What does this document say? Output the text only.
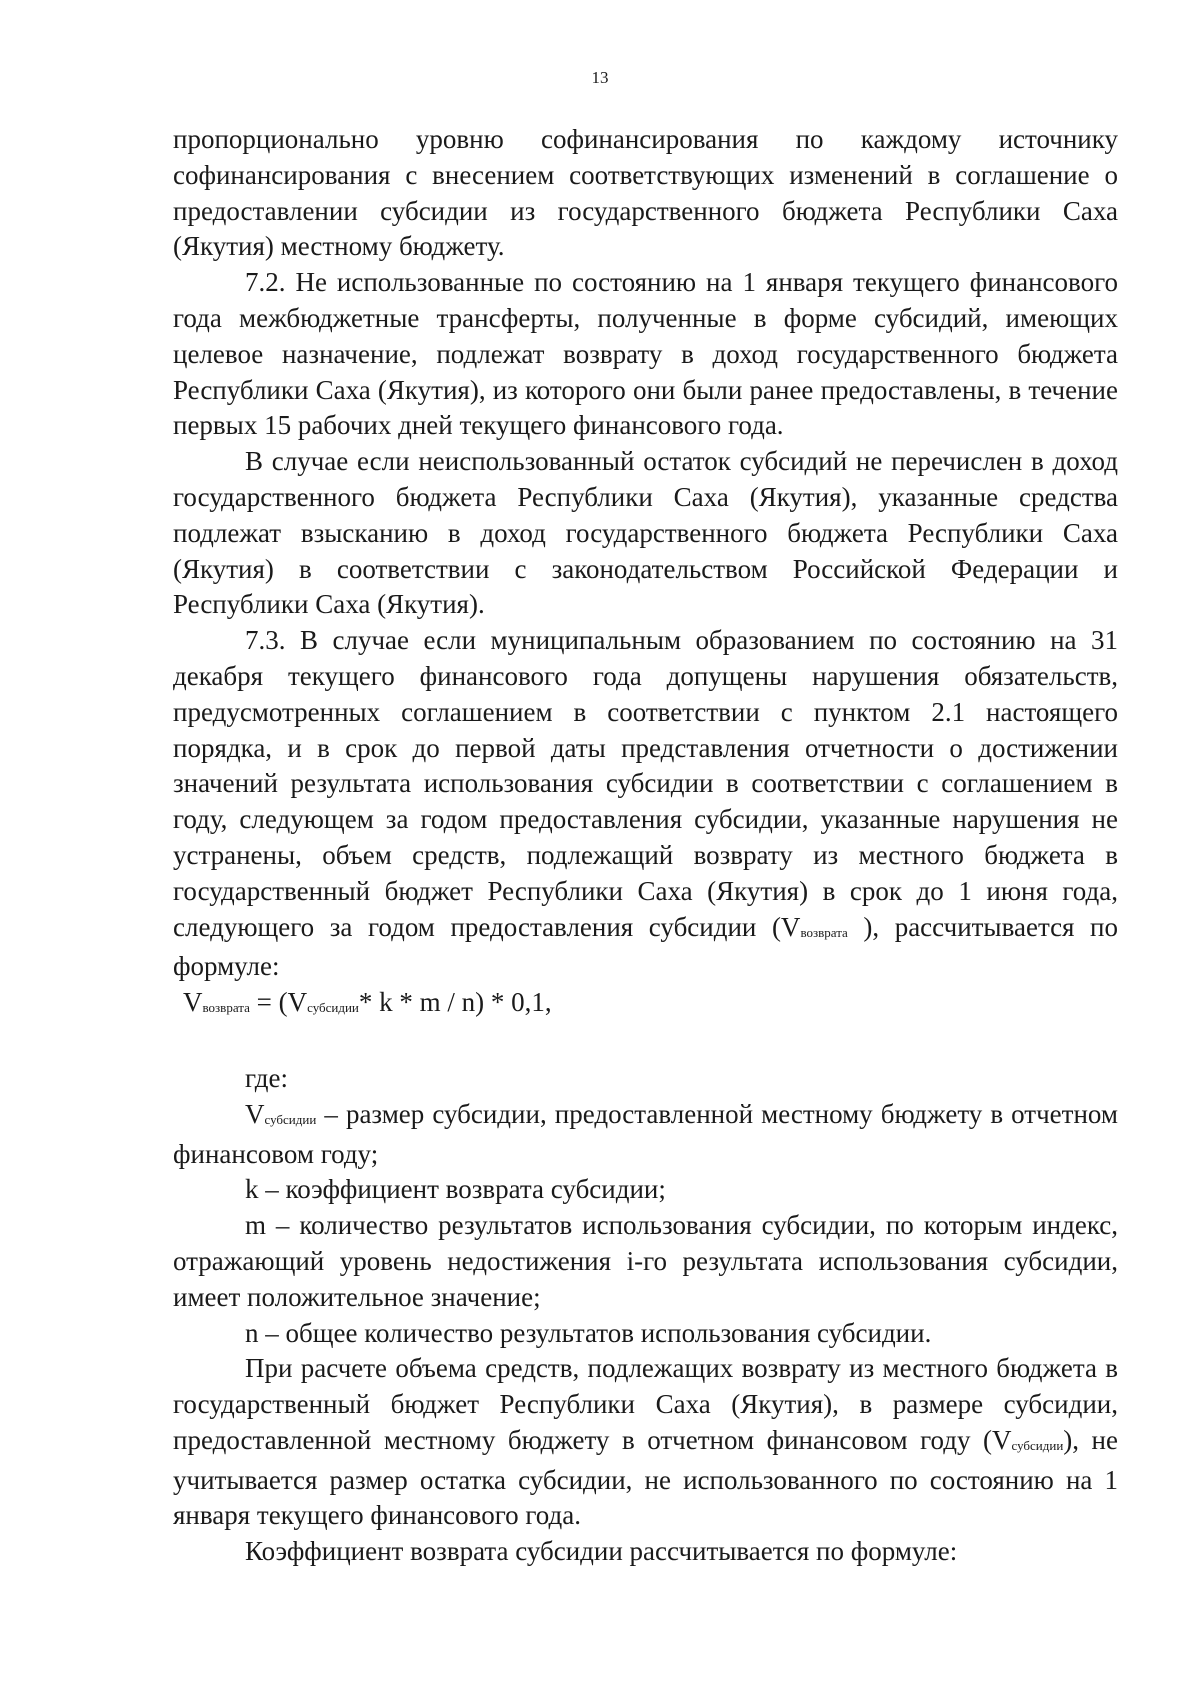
13

пропорционально уровню софинансирования по каждому источнику софинансирования с внесением соответствующих изменений в соглашение о предоставлении субсидии из государственного бюджета Республики Саха (Якутия) местному бюджету.

7.2. Не использованные по состоянию на 1 января текущего финансового года межбюджетные трансферты, полученные в форме субсидий, имеющих целевое назначение, подлежат возврату в доход государственного бюджета Республики Саха (Якутия), из которого они были ранее предоставлены, в течение первых 15 рабочих дней текущего финансового года.

В случае если неиспользованный остаток субсидий не перечислен в доход государственного бюджета Республики Саха (Якутия), указанные средства подлежат взысканию в доход государственного бюджета Республики Саха (Якутия) в соответствии с законодательством Российской Федерации и Республики Саха (Якутия).

7.3. В случае если муниципальным образованием по состоянию на 31 декабря текущего финансового года допущены нарушения обязательств, предусмотренных соглашением в соответствии с пунктом 2.1 настоящего порядка, и в срок до первой даты представления отчетности о достижении значений результата использования субсидии в соответствии с соглашением в году, следующем за годом предоставления субсидии, указанные нарушения не устранены, объем средств, подлежащий возврату из местного бюджета в государственный бюджет Республики Саха (Якутия) в срок до 1 июня года, следующего за годом предоставления субсидии ($V_{возврата}$ ), рассчитывается по формуле:

$V_{возврата} = (V_{субсидии}*$ k * m / n) * 0,1,

где:

$V_{субсидии}$ – размер субсидии, предоставленной местному бюджету в отчетном финансовом году;

k – коэффициент возврата субсидии;

m – количество результатов использования субсидии, по которым индекс, отражающий уровень недостижения i-го результата использования субсидии, имеет положительное значение;

n – общее количество результатов использования субсидии.

При расчете объема средств, подлежащих возврату из местного бюджета в государственный бюджет Республики Саха (Якутия), в размере субсидии, предоставленной местному бюджету в отчетном финансовом году $(V_{субсидии})$, не учитывается размер остатка субсидии, не использованного по состоянию на 1 января текущего финансового года.

Коэффициент возврата субсидии рассчитывается по формуле:
